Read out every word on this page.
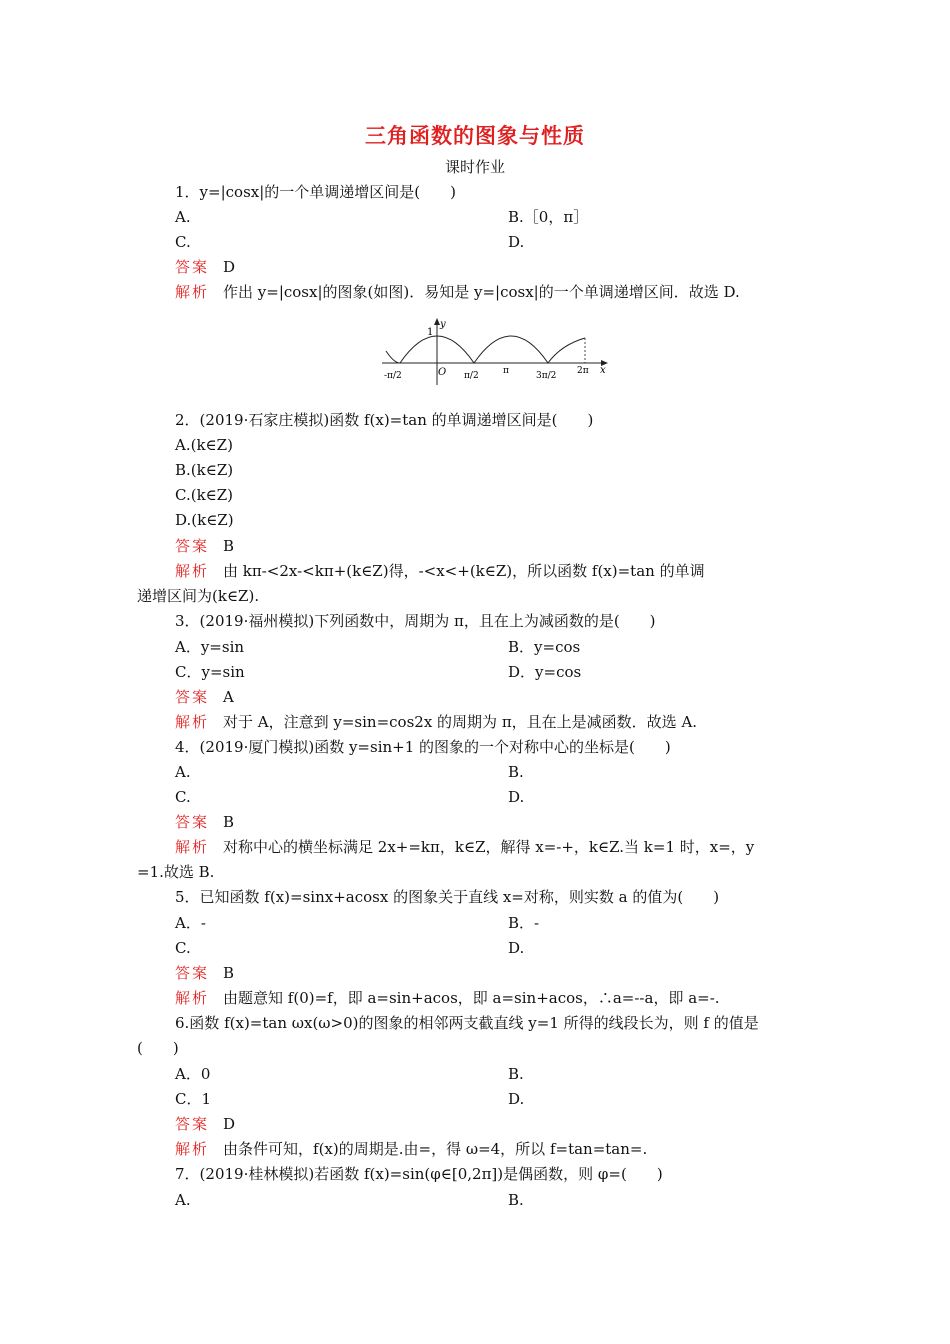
三角函数的图象与性质
课时作业
1．y=|cosx|的一个单调递增区间是(　　)
A.	B.［0，π］
C.	D.
答案 D
解析 作出 y=|cosx|的图象(如图)．易知是 y=|cosx|的一个单调递增区间．故选 D.
y
x
1
O
-π/2	π/2	π	3π/2 2π
2．(2019·石家庄模拟)函数 f(x)=tan 的单调递增区间是(　　)
A.(k∈Z)
B.(k∈Z)
C.(k∈Z)
D.(k∈Z)
答案 B
解析 由 kπ-<2x-<kπ+(k∈Z)得，-<x<+(k∈Z)，所以函数 f(x)=tan 的单调
递增区间为(k∈Z).
3．(2019·福州模拟)下列函数中，周期为 π，且在上为减函数的是(　　)
A．y=sin	B．y=cos
C．y=sin	D．y=cos
答案 A
解析 对于 A，注意到 y=sin=cos2x 的周期为 π，且在上是减函数．故选 A.
4．(2019·厦门模拟)函数 y=sin+1 的图象的一个对称中心的坐标是(　　)
A.	B.
C.	D.
答案 B
解析 对称中心的横坐标满足 2x+=kπ，k∈Z，解得 x=-+，k∈Z.当 k=1 时，x=，y
=1.故选 B.
5．已知函数 f(x)=sinx+acosx 的图象关于直线 x=对称，则实数 a 的值为(　　)
A．-	B．-
C.	D.
答案 B
解析 由题意知 f(0)=f，即 a=sin+acos，即 a=sin+acos，∴a=--a，即 a=-.
6.函数 f(x)=tan ωx(ω>0)的图象的相邻两支截直线 y=1 所得的线段长为，则 f 的值是
(　　)
A．0	B.
C．1	D.
答案 D
解析 由条件可知，f(x)的周期是.由=，得 ω=4，所以 f=tan=tan=.
7．(2019·桂林模拟)若函数 f(x)=sin(φ∈[0,2π])是偶函数，则 φ=(　　)
A.	B.
